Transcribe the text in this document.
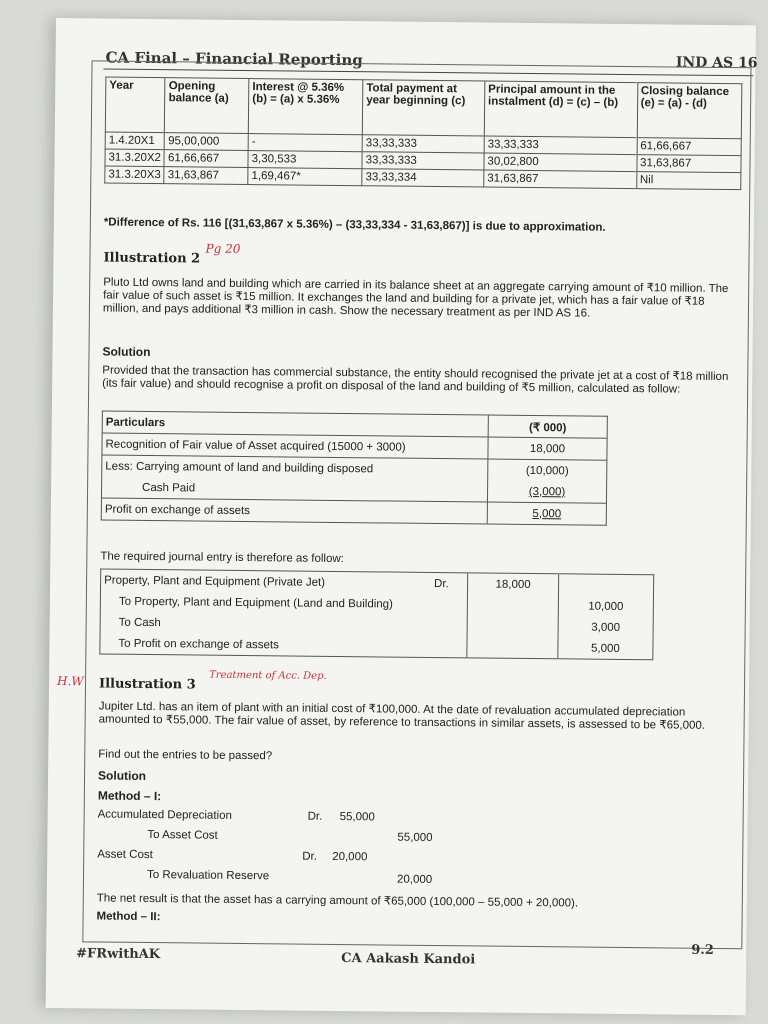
CA Final – Financial Reporting	IND AS 16
Year	Opening balance (a)	Interest @ 5.36% (b) = (a) x 5.36%	Total payment at year beginning (c)	Principal amount in the instalment (d) = (c) – (b)	Closing balance (e) = (a) - (d)
1.4.20X1	95,00,000	-	33,33,333	33,33,333	61,66,667
31.3.20X2	61,66,667	3,30,533	33,33,333	30,02,800	31,63,867
31.3.20X3	31,63,867	1,69,467*	33,33,334	31,63,867	Nil
*Difference of Rs. 116 [(31,63,867 x 5.36%) – (33,33,334 - 31,63,867)] is due to approximation.
Illustration 2
Pg 20
Pluto Ltd owns land and building which are carried in its balance sheet at an aggregate carrying amount of ₹10 million. The fair value of such asset is ₹15 million. It exchanges the land and building for a private jet, which has a fair value of ₹18 million, and pays additional ₹3 million in cash. Show the necessary treatment as per IND AS 16.
Solution
Provided that the transaction has commercial substance, the entity should recognised the private jet at a cost of ₹18 million (its fair value) and should recognise a profit on disposal of the land and building of ₹5 million, calculated as follow:
Particulars	(₹ 000)
Recognition of Fair value of Asset acquired (15000 + 3000)	18,000
Less: Carrying amount of land and building disposed	(10,000)
Cash Paid	(3,000)
Profit on exchange of assets	5,000
The required journal entry is therefore as follow:
Property, Plant and Equipment (Private Jet)	Dr.	18,000	
To Property, Plant and Equipment (Land and Building)			10,000
To Cash			3,000
To Profit on exchange of assets			5,000
H.W Illustration 3
Treatment of Acc. Dep.
Jupiter Ltd. has an item of plant with an initial cost of ₹100,000. At the date of revaluation accumulated depreciation amounted to ₹55,000. The fair value of asset, by reference to transactions in similar assets, is assessed to be ₹65,000.
Find out the entries to be passed?
Solution
Method – I:
Accumulated Depreciation	Dr. 55,000
To Asset Cost	55,000
Asset Cost	Dr. 20,000
To Revaluation Reserve	20,000
The net result is that the asset has a carrying amount of ₹65,000 (100,000 – 55,000 + 20,000).
Method – II:
#FRwithAK	CA Aakash Kandoi
9.2
